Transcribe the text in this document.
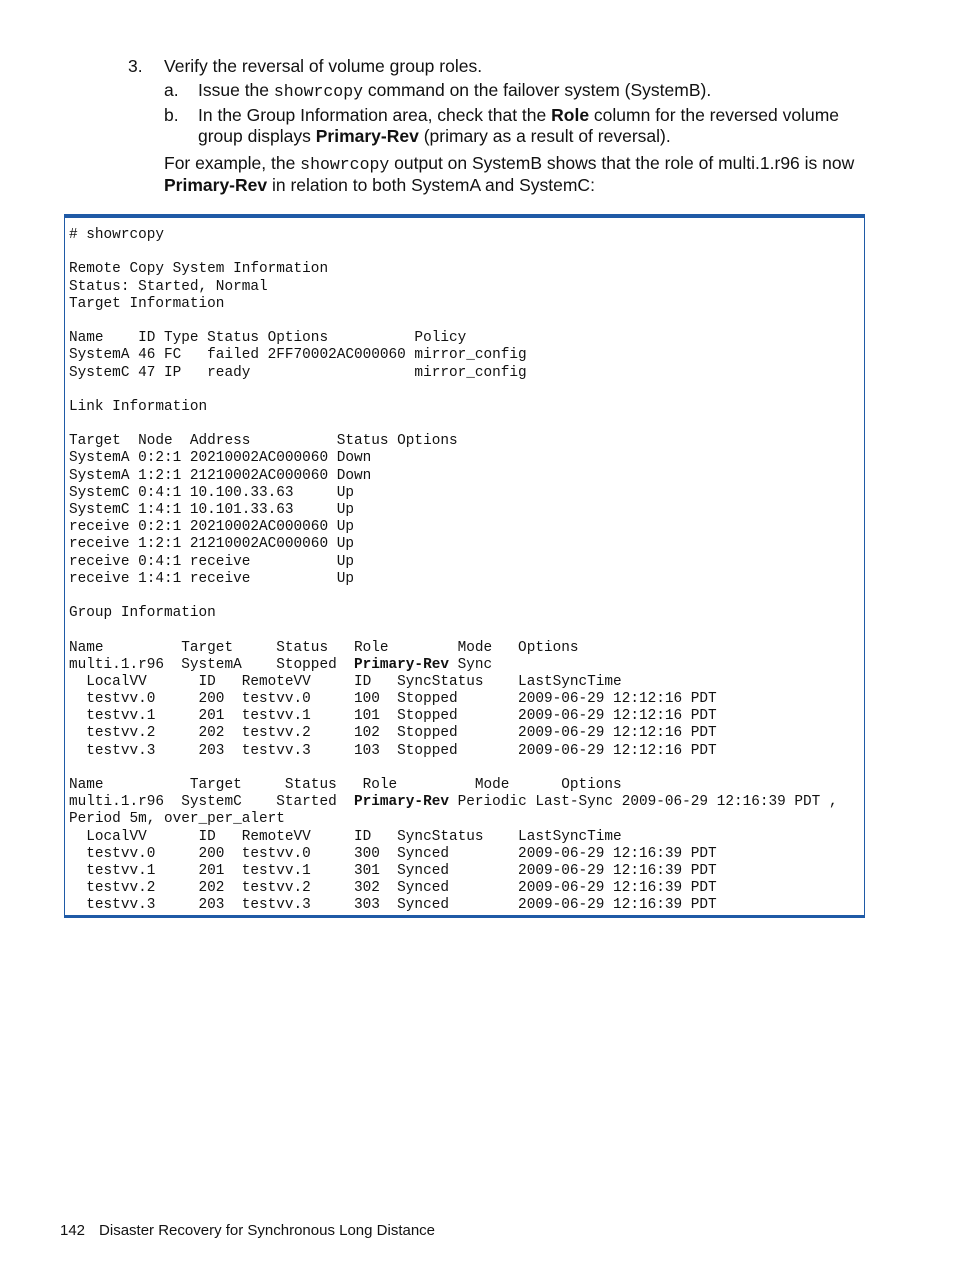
3. Verify the reversal of volume group roles.
a. Issue the showrcopy command on the failover system (SystemB).
b. In the Group Information area, check that the Role column for the reversed volume group displays Primary-Rev (primary as a result of reversal).
For example, the showrcopy output on SystemB shows that the role of multi.1.r96 is now Primary-Rev in relation to both SystemA and SystemC:
# showrcopy

Remote Copy System Information
Status: Started, Normal
Target Information

Name    ID Type Status Options          Policy
SystemA 46 FC   failed 2FF70002AC000060 mirror_config
SystemC 47 IP   ready                   mirror_config

Link Information

Target  Node  Address          Status Options
SystemA 0:2:1 20210002AC000060 Down
SystemA 1:2:1 21210002AC000060 Down
SystemC 0:4:1 10.100.33.63     Up
SystemC 1:4:1 10.101.33.63     Up
receive 0:2:1 20210002AC000060 Up
receive 1:2:1 21210002AC000060 Up
receive 0:4:1 receive          Up
receive 1:4:1 receive          Up

Group Information

Name         Target     Status   Role        Mode   Options
multi.1.r96  SystemA    Stopped  Primary-Rev Sync
LocalVV      ID   RemoteVV     ID   SyncStatus    LastSyncTime
testvv.0     200  testvv.0     100  Stopped       2009-06-29 12:12:16 PDT
testvv.1     201  testvv.1     101  Stopped       2009-06-29 12:12:16 PDT
testvv.2     202  testvv.2     102  Stopped       2009-06-29 12:12:16 PDT
testvv.3     203  testvv.3     103  Stopped       2009-06-29 12:12:16 PDT

Name          Target     Status   Role         Mode      Options
multi.1.r96  SystemC    Started  Primary-Rev Periodic Last-Sync 2009-06-29 12:16:39 PDT ,
Period 5m, over_per_alert
LocalVV      ID   RemoteVV     ID   SyncStatus    LastSyncTime
testvv.0     200  testvv.0     300  Synced        2009-06-29 12:16:39 PDT
testvv.1     201  testvv.1     301  Synced        2009-06-29 12:16:39 PDT
testvv.2     202  testvv.2     302  Synced        2009-06-29 12:16:39 PDT
testvv.3     203  testvv.3     303  Synced        2009-06-29 12:16:39 PDT
142 Disaster Recovery for Synchronous Long Distance
